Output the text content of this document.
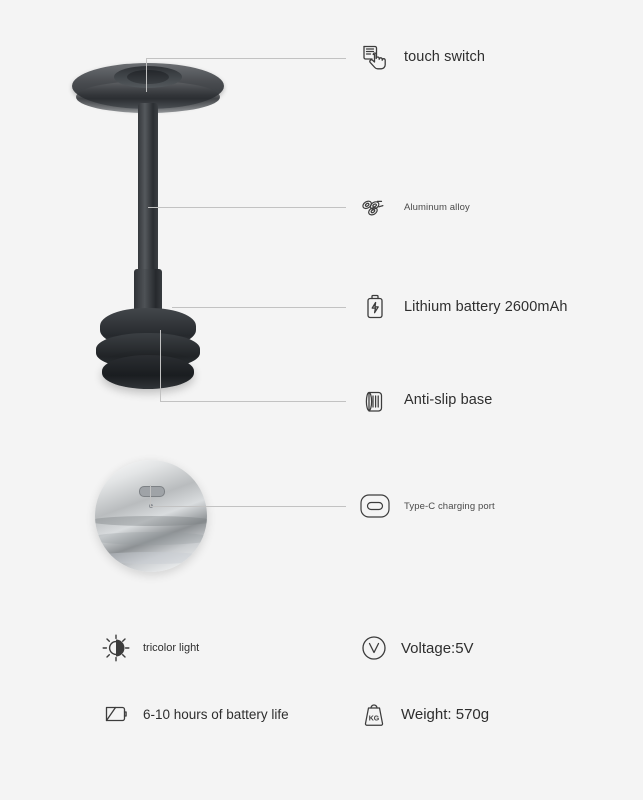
touch switch
Aluminum alloy
Lithium battery 2600mAh
Anti-slip base
Type-C charging port
tricolor light	Voltage:5V
6-10 hours of battery life	KG Weight: 570g
